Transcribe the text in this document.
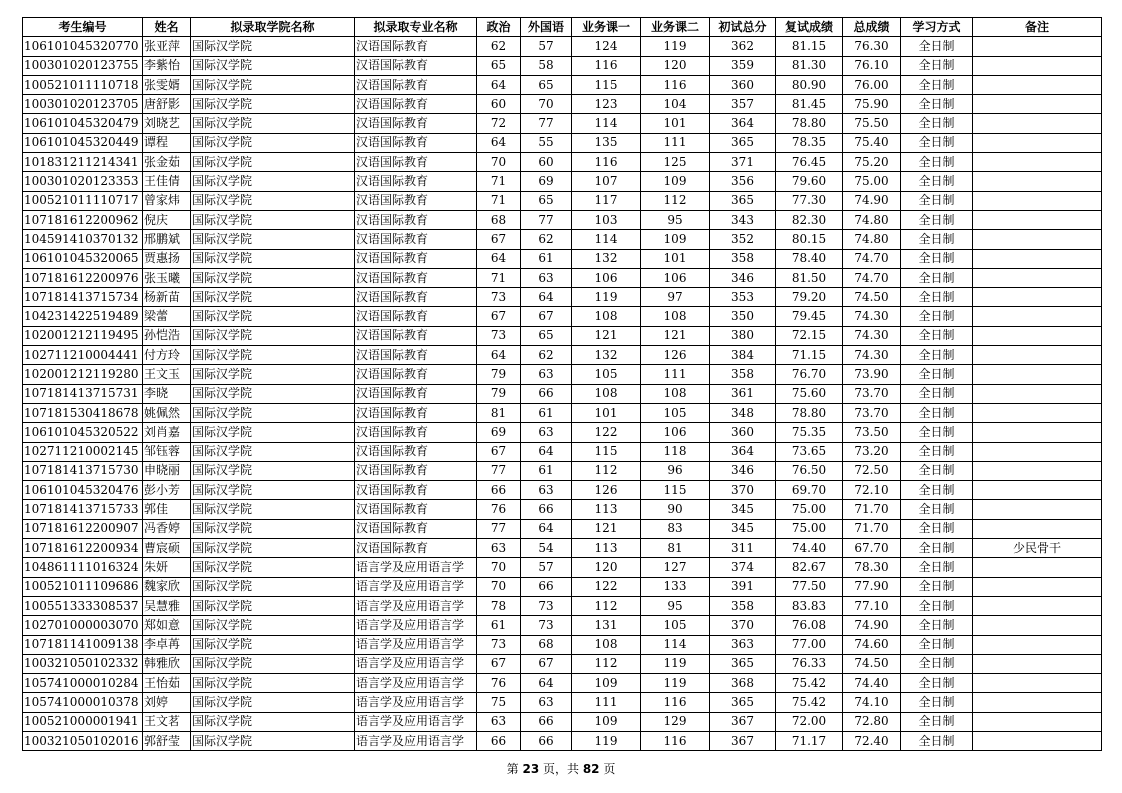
考生编号	姓名	拟录取学院名称	拟录取专业名称	政治	外国语	业务课一	业务课二	初试总分	复试成绩	总成绩	学习方式	备注
106101045320770	张亚萍	国际汉学院	汉语国际教育	62	57	124	119	362	81.15	76.30	全日制	
100301020123755	李紫怡	国际汉学院	汉语国际教育	65	58	116	120	359	81.30	76.10	全日制	
100521011110718	张雯婿	国际汉学院	汉语国际教育	64	65	115	116	360	80.90	76.00	全日制	
100301020123705	唐舒影	国际汉学院	汉语国际教育	60	70	123	104	357	81.45	75.90	全日制	
106101045320479	刘晓艺	国际汉学院	汉语国际教育	72	77	114	101	364	78.80	75.50	全日制	
106101045320449	谭程	国际汉学院	汉语国际教育	64	55	135	111	365	78.35	75.40	全日制	
101831211214341	张金茹	国际汉学院	汉语国际教育	70	60	116	125	371	76.45	75.20	全日制	
100301020123353	王佳倩	国际汉学院	汉语国际教育	71	69	107	109	356	79.60	75.00	全日制	
100521011110717	曾家炜	国际汉学院	汉语国际教育	71	65	117	112	365	77.30	74.90	全日制	
107181612200962	倪庆	国际汉学院	汉语国际教育	68	77	103	95	343	82.30	74.80	全日制	
104591410370132	邢鹏斌	国际汉学院	汉语国际教育	67	62	114	109	352	80.15	74.80	全日制	
106101045320065	贾惠扬	国际汉学院	汉语国际教育	64	61	132	101	358	78.40	74.70	全日制	
107181612200976	张玉曦	国际汉学院	汉语国际教育	71	63	106	106	346	81.50	74.70	全日制	
107181413715734	杨新苗	国际汉学院	汉语国际教育	73	64	119	97	353	79.20	74.50	全日制	
104231422519489	梁蕾	国际汉学院	汉语国际教育	67	67	108	108	350	79.45	74.30	全日制	
102001212119495	孙恺浩	国际汉学院	汉语国际教育	73	65	121	121	380	72.15	74.30	全日制	
102711210004441	付方玲	国际汉学院	汉语国际教育	64	62	132	126	384	71.15	74.30	全日制	
102001212119280	王文玉	国际汉学院	汉语国际教育	79	63	105	111	358	76.70	73.90	全日制	
107181413715731	李晓	国际汉学院	汉语国际教育	79	66	108	108	361	75.60	73.70	全日制	
107181530418678	姚佩然	国际汉学院	汉语国际教育	81	61	101	105	348	78.80	73.70	全日制	
106101045320522	刘肖嘉	国际汉学院	汉语国际教育	69	63	122	106	360	75.35	73.50	全日制	
102711210002145	邹钰蓉	国际汉学院	汉语国际教育	67	64	115	118	364	73.65	73.20	全日制	
107181413715730	申晓丽	国际汉学院	汉语国际教育	77	61	112	96	346	76.50	72.50	全日制	
106101045320476	彭小芳	国际汉学院	汉语国际教育	66	63	126	115	370	69.70	72.10	全日制	
107181413715733	郭佳	国际汉学院	汉语国际教育	76	66	113	90	345	75.00	71.70	全日制	
107181612200907	冯香婷	国际汉学院	汉语国际教育	77	64	121	83	345	75.00	71.70	全日制	
107181612200934	曹宸硕	国际汉学院	汉语国际教育	63	54	113	81	311	74.40	67.70	全日制	少民骨干
104861111016324	朱妍	国际汉学院	语言学及应用语言学	70	57	120	127	374	82.67	78.30	全日制	
100521011109686	魏家欣	国际汉学院	语言学及应用语言学	70	66	122	133	391	77.50	77.90	全日制	
100551333308537	吴慧雅	国际汉学院	语言学及应用语言学	78	73	112	95	358	83.83	77.10	全日制	
102701000003070	郑如意	国际汉学院	语言学及应用语言学	61	73	131	105	370	76.08	74.90	全日制	
107181141009138	李卓苒	国际汉学院	语言学及应用语言学	73	68	108	114	363	77.00	74.60	全日制	
100321050102332	韩雅欣	国际汉学院	语言学及应用语言学	67	67	112	119	365	76.33	74.50	全日制	
105741000010284	王怡茹	国际汉学院	语言学及应用语言学	76	64	109	119	368	75.42	74.40	全日制	
105741000010378	刘婷	国际汉学院	语言学及应用语言学	75	63	111	116	365	75.42	74.10	全日制	
100521000001941	王文茗	国际汉学院	语言学及应用语言学	63	66	109	129	367	72.00	72.80	全日制	
100321050102016	郭舒莹	国际汉学院	语言学及应用语言学	66	66	119	116	367	71.17	72.40	全日制	
第 23 页，共 82 页
